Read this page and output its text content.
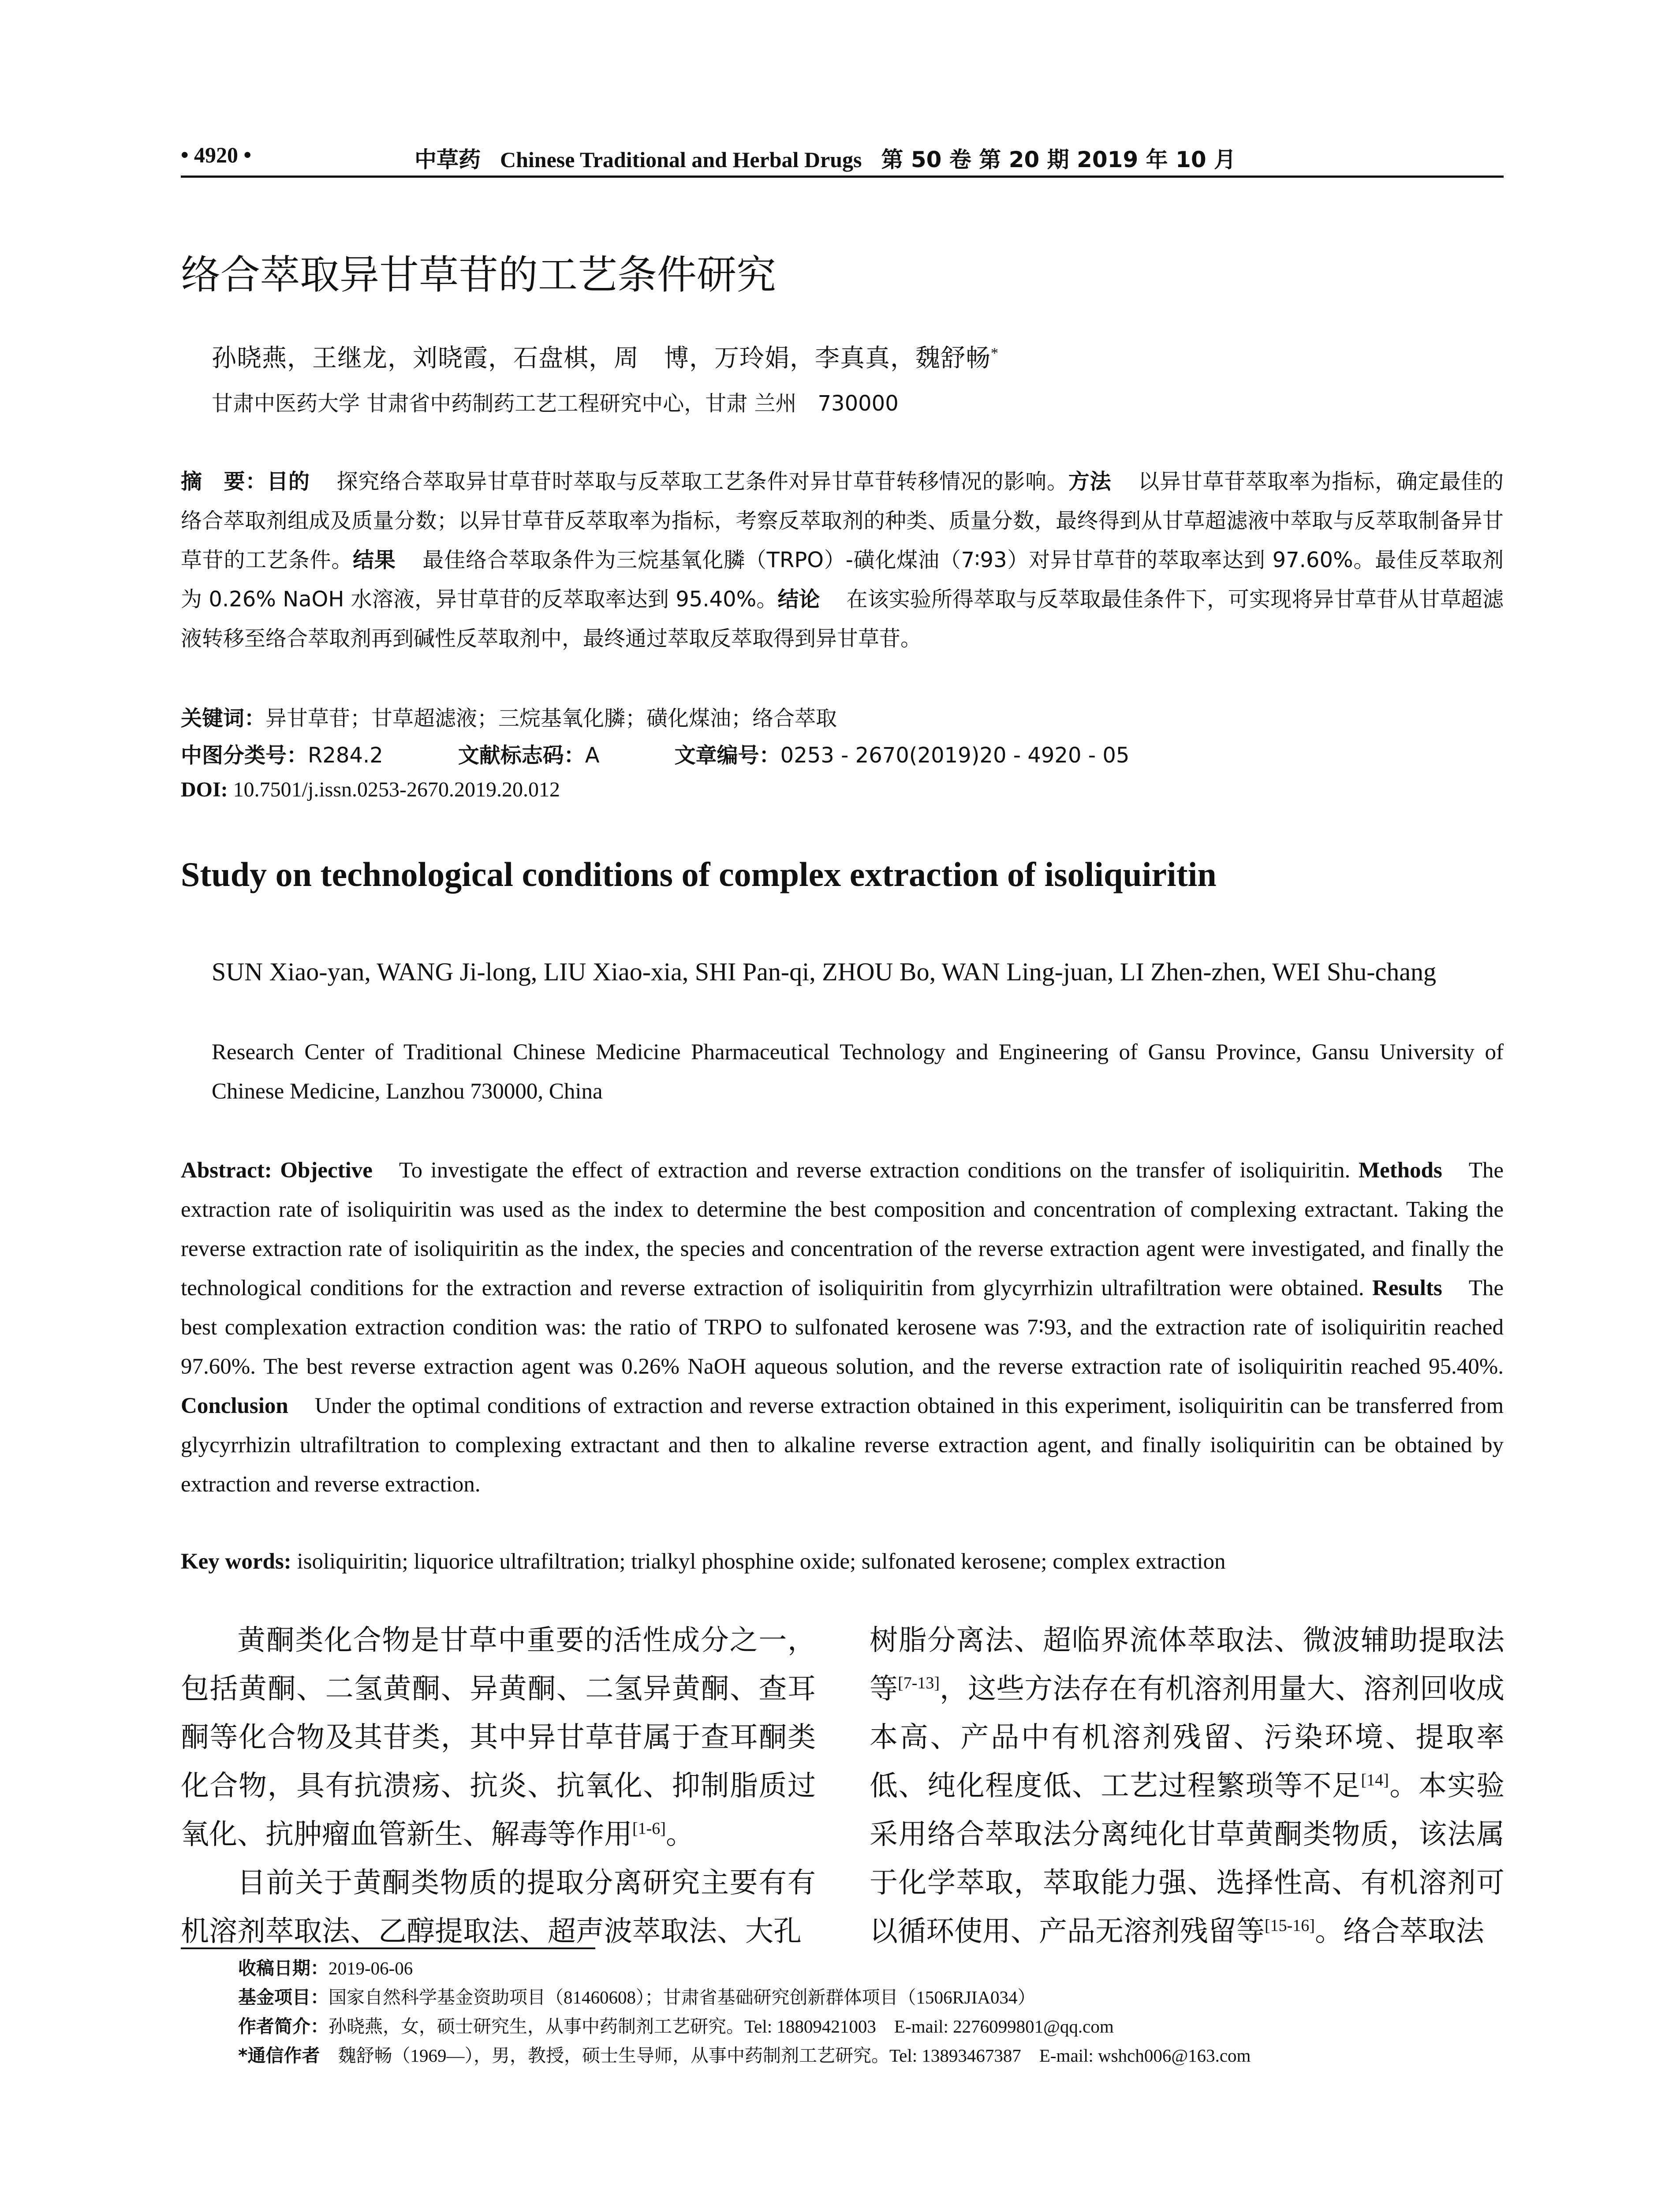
• 4920 •	中草药 Chinese Traditional and Herbal Drugs 第 50 卷 第 20 期 2019 年 10 月
络合萃取异甘草苷的工艺条件研究
孙晓燕，王继龙，刘晓霞，石盘棋，周　博，万玲娟，李真真，魏舒畅*
甘肃中医药大学 甘肃省中药制药工艺工程研究中心，甘肃 兰州　730000
摘　要：目的 探究络合萃取异甘草苷时萃取与反萃取工艺条件对异甘草苷转移情况的影响。方法 以异甘草苷萃取率为指标，确定最佳的络合萃取剂组成及质量分数；以异甘草苷反萃取率为指标，考察反萃取剂的种类、质量分数，最终得到从甘草超滤液中萃取与反萃取制备异甘草苷的工艺条件。结果 最佳络合萃取条件为三烷基氧化膦（TRPO）-磺化煤油（7∶93）对异甘草苷的萃取率达到 97.60%。最佳反萃取剂为 0.26% NaOH 水溶液，异甘草苷的反萃取率达到 95.40%。结论 在该实验所得萃取与反萃取最佳条件下，可实现将异甘草苷从甘草超滤液转移至络合萃取剂再到碱性反萃取剂中，最终通过萃取反萃取得到异甘草苷。
关键词：异甘草苷；甘草超滤液；三烷基氧化膦；磺化煤油；络合萃取
中图分类号：R284.2	文献标志码：A	文章编号：0253 - 2670(2019)20 - 4920 - 05
DOI: 10.7501/j.issn.0253-2670.2019.20.012
Study on technological conditions of complex extraction of isoliquiritin
SUN Xiao-yan, WANG Ji-long, LIU Xiao-xia, SHI Pan-qi, ZHOU Bo, WAN Ling-juan, LI Zhen-zhen, WEI Shu-chang
Research Center of Traditional Chinese Medicine Pharmaceutical Technology and Engineering of Gansu Province, Gansu University of Chinese Medicine, Lanzhou 730000, China
Abstract: Objective To investigate the effect of extraction and reverse extraction conditions on the transfer of isoliquiritin. Methods The extraction rate of isoliquiritin was used as the index to determine the best composition and concentration of complexing extractant. Taking the reverse extraction rate of isoliquiritin as the index, the species and concentration of the reverse extraction agent were investigated, and finally the technological conditions for the extraction and reverse extraction of isoliquiritin from glycyrrhizin ultrafiltration were obtained. Results The best complexation extraction condition was: the ratio of TRPO to sulfonated kerosene was 7∶93, and the extraction rate of isoliquiritin reached 97.60%. The best reverse extraction agent was 0.26% NaOH aqueous solution, and the reverse extraction rate of isoliquiritin reached 95.40%. Conclusion Under the optimal conditions of extraction and reverse extraction obtained in this experiment, isoliquiritin can be transferred from glycyrrhizin ultrafiltration to complexing extractant and then to alkaline reverse extraction agent, and finally isoliquiritin can be obtained by extraction and reverse extraction.
Key words: isoliquiritin; liquorice ultrafiltration; trialkyl phosphine oxide; sulfonated kerosene; complex extraction

黄酮类化合物是甘草中重要的活性成分之一，包括黄酮、二氢黄酮、异黄酮、二氢异黄酮、查耳酮等化合物及其苷类，其中异甘草苷属于查耳酮类化合物，具有抗溃疡、抗炎、抗氧化、抑制脂质过氧化、抗肿瘤血管新生、解毒等作用[1-6]。

目前关于黄酮类物质的提取分离研究主要有有机溶剂萃取法、乙醇提取法、超声波萃取法、大孔

树脂分离法、超临界流体萃取法、微波辅助提取法等[7-13]，这些方法存在有机溶剂用量大、溶剂回收成本高、产品中有机溶剂残留、污染环境、提取率低、纯化程度低、工艺过程繁琐等不足[14]。本实验采用络合萃取法分离纯化甘草黄酮类物质，该法属于化学萃取，萃取能力强、选择性高、有机溶剂可以循环使用、产品无溶剂残留等[15-16]。络合萃取法

收稿日期：2019-06-06
基金项目：国家自然科学基金资助项目（81460608）；甘肃省基础研究创新群体项目（1506RJIA034）
作者简介：孙晓燕，女，硕士研究生，从事中药制剂工艺研究。Tel: 18809421003　E-mail: 2276099801@qq.com
*通信作者　 魏舒畅（1969—），男，教授，硕士生导师，从事中药制剂工艺研究。Tel: 13893467387　E-mail: wshch006@163.com
